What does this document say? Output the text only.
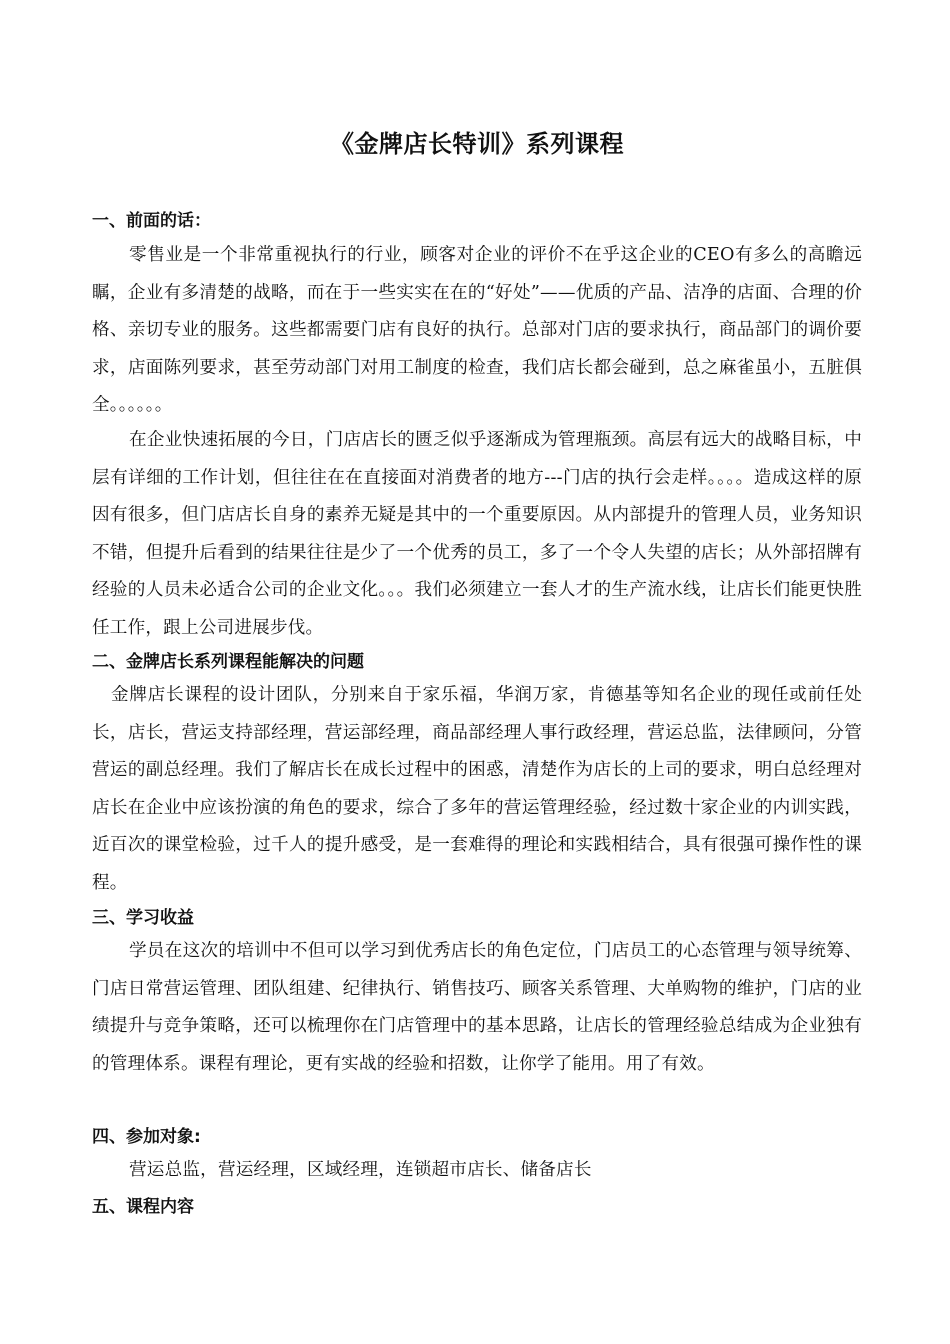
《金牌店长特训》系列课程
一、前面的话：
零售业是一个非常重视执行的行业，顾客对企业的评价不在乎这企业的CEO有多么的高瞻远瞩，企业有多清楚的战略，而在于一些实实在在的“好处”——优质的产品、洁净的店面、合理的价格、亲切专业的服务。这些都需要门店有良好的执行。总部对门店的要求执行，商品部门的调价要求，店面陈列要求，甚至劳动部门对用工制度的检查，我们店长都会碰到，总之麻雀虽小，五脏俱全。。。。。。
在企业快速拓展的今日，门店店长的匮乏似乎逐渐成为管理瓶颈。高层有远大的战略目标，中层有详细的工作计划，但往往在在直接面对消费者的地方---门店的执行会走样。。。。造成这样的原因有很多，但门店店长自身的素养无疑是其中的一个重要原因。从内部提升的管理人员，业务知识不错，但提升后看到的结果往往是少了一个优秀的员工，多了一个令人失望的店长；从外部招牌有经验的人员未必适合公司的企业文化。。。我们必须建立一套人才的生产流水线，让店长们能更快胜任工作，跟上公司进展步伐。
二、金牌店长系列课程能解决的问题
金牌店长课程的设计团队，分别来自于家乐福，华润万家，肯德基等知名企业的现任或前任处长，店长，营运支持部经理，营运部经理，商品部经理人事行政经理，营运总监，法律顾问，分管营运的副总经理。我们了解店长在成长过程中的困惑，清楚作为店长的上司的要求，明白总经理对店长在企业中应该扮演的角色的要求，综合了多年的营运管理经验，经过数十家企业的内训实践，近百次的课堂检验，过千人的提升感受，是一套难得的理论和实践相结合，具有很强可操作性的课程。
三、学习收益
学员在这次的培训中不但可以学习到优秀店长的角色定位，门店员工的心态管理与领导统筹、门店日常营运管理、团队组建、纪律执行、销售技巧、顾客关系管理、大单购物的维护，门店的业绩提升与竞争策略，还可以梳理你在门店管理中的基本思路，让店长的管理经验总结成为企业独有的管理体系。课程有理论，更有实战的经验和招数，让你学了能用。用了有效。
四、参加对象:
营运总监，营运经理，区域经理，连锁超市店长、储备店长
五、课程内容
